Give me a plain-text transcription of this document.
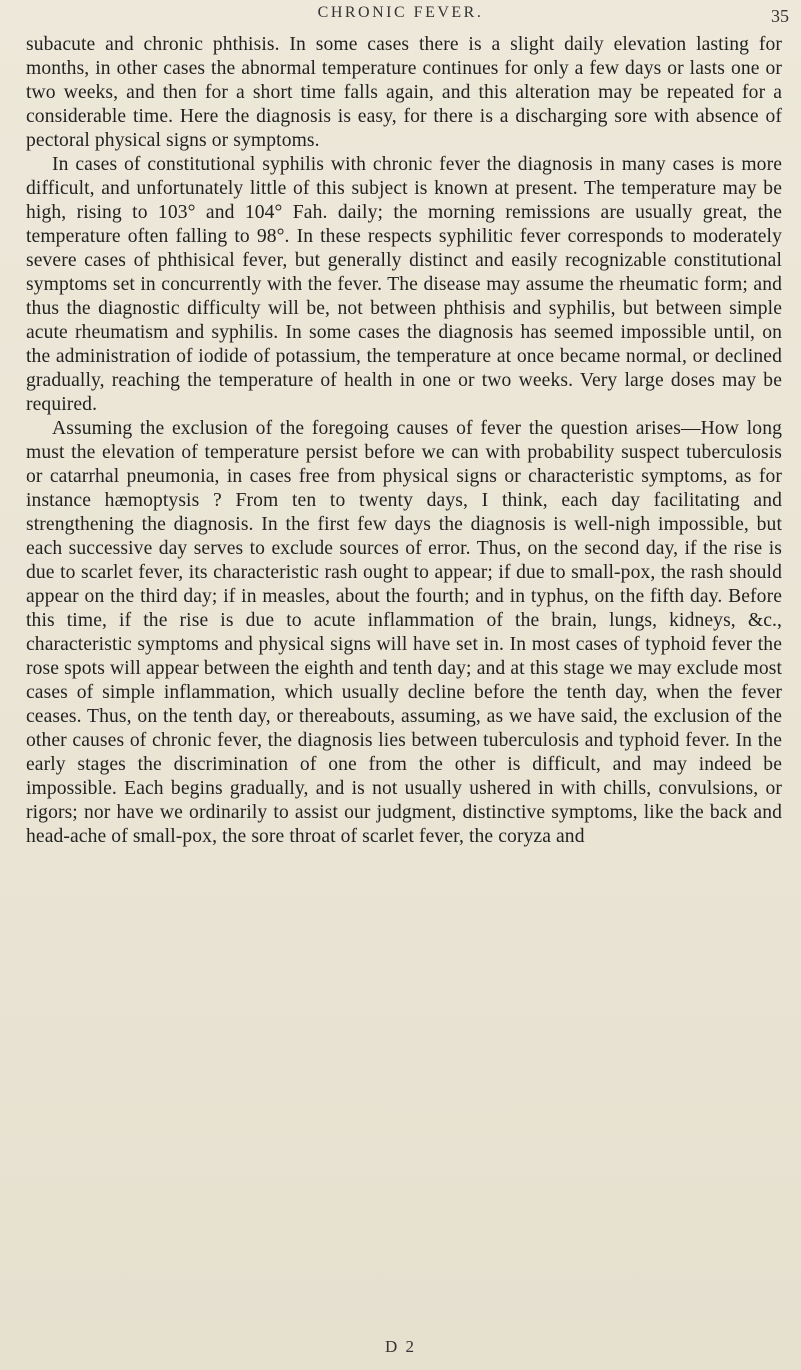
CHRONIC FEVER.	35

subacute and chronic phthisis. In some cases there is a slight daily elevation lasting for months, in other cases the abnormal temperature continues for only a few days or lasts one or two weeks, and then for a short time falls again, and this alteration may be repeated for a considerable time. Here the diagnosis is easy, for there is a discharging sore with absence of pectoral physical signs or symptoms.

In cases of constitutional syphilis with chronic fever the diagnosis in many cases is more difficult, and unfortunately little of this subject is known at present. The temperature may be high, rising to 103° and 104° Fah. daily; the morning remissions are usually great, the temperature often falling to 98°. In these respects syphilitic fever corresponds to moderately severe cases of phthisical fever, but generally distinct and easily recognizable constitutional symptoms set in concurrently with the fever. The disease may assume the rheumatic form; and thus the diagnostic difficulty will be, not between phthisis and syphilis, but between simple acute rheumatism and syphilis. In some cases the diagnosis has seemed impossible until, on the administration of iodide of potassium, the temperature at once became normal, or declined gradually, reaching the temperature of health in one or two weeks. Very large doses may be required.

Assuming the exclusion of the foregoing causes of fever the question arises—How long must the elevation of temperature persist before we can with probability suspect tuberculosis or catarrhal pneumonia, in cases free from physical signs or characteristic symptoms, as for instance hæmoptysis ? From ten to twenty days, I think, each day facilitating and strengthening the diagnosis. In the first few days the diagnosis is well-nigh impossible, but each successive day serves to exclude sources of error. Thus, on the second day, if the rise is due to scarlet fever, its characteristic rash ought to appear; if due to small-pox, the rash should appear on the third day; if in measles, about the fourth; and in typhus, on the fifth day. Before this time, if the rise is due to acute inflammation of the brain, lungs, kidneys, &c., characteristic symptoms and physical signs will have set in. In most cases of typhoid fever the rose spots will appear between the eighth and tenth day; and at this stage we may exclude most cases of simple inflammation, which usually decline before the tenth day, when the fever ceases. Thus, on the tenth day, or thereabouts, assuming, as we have said, the exclusion of the other causes of chronic fever, the diagnosis lies between tuberculosis and typhoid fever. In the early stages the discrimination of one from the other is difficult, and may indeed be impossible. Each begins gradually, and is not usually ushered in with chills, convulsions, or rigors; nor have we ordinarily to assist our judgment, distinctive symptoms, like the back and head-ache of small-pox, the sore throat of scarlet fever, the coryza and

D 2
